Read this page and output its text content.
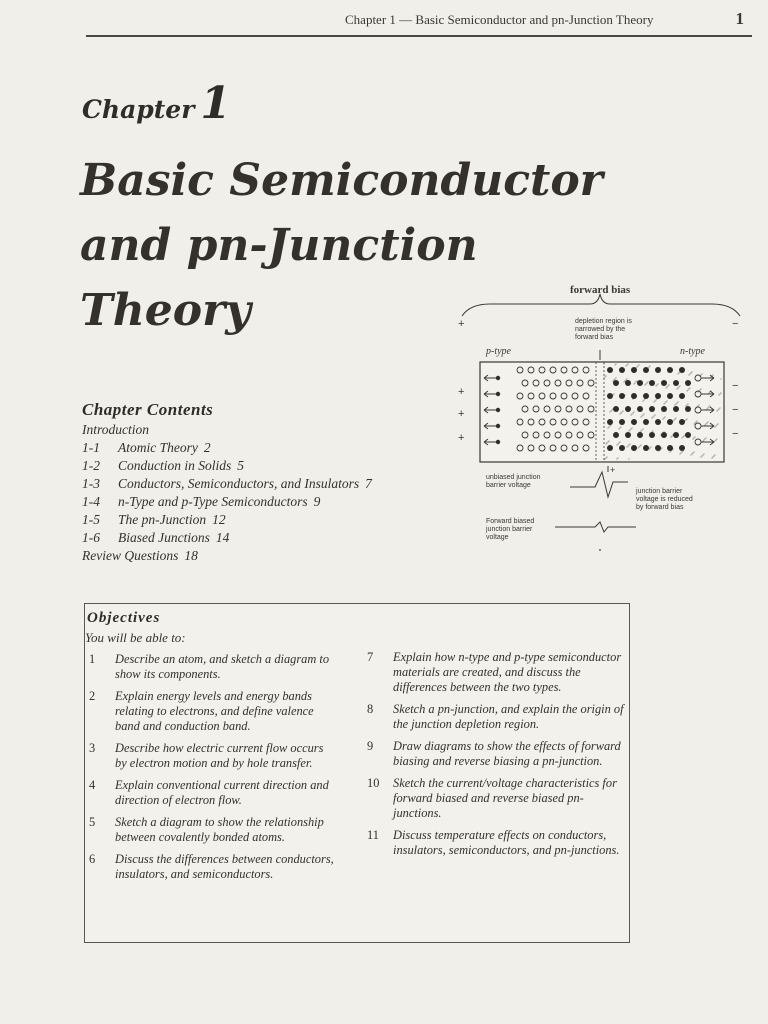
Chapter 1 — Basic Semiconductor and pn-Junction Theory	1
Chapter 1
Basic Semiconductor
and pn-Junction
Theory
Chapter Contents
Introduction
1-1 Atomic Theory 2
1-2 Conduction in Solids 5
1-3 Conductors, Semiconductors, and Insulators 7
1-4 n-Type and p-Type Semiconductors 9
1-5 The pn-Junction 12
1-6 Biased Junctions 14
Review Questions 18
forward bias
depletion region is
narrowed by the
forward bias
p-type	n-type
+	−
+
+
+
−
−
−
+
unbiased junction
barrier voltage
junction barrier
voltage is reduced
by forward bias
Forward biased
junction barrier
voltage
Objectives
You will be able to:
1	Describe an atom, and sketch a diagram to show its components.
2	Explain energy levels and energy bands relating to electrons, and define valence band and conduction band.
3	Describe how electric current flow occurs by electron motion and by hole transfer.
4	Explain conventional current direction and direction of electron flow.
5	Sketch a diagram to show the relationship between covalently bonded atoms.
6	Discuss the differences between conductors, insulators, and semiconductors.
7	Explain how n-type and p-type semiconductor materials are created, and discuss the differences between the two types.
8	Sketch a pn-junction, and explain the origin of the junction depletion region.
9	Draw diagrams to show the effects of forward biasing and reverse biasing a pn-junction.
10	Sketch the current/voltage characteristics for forward biased and reverse biased pn-junctions.
11	Discuss temperature effects on conductors, insulators, semiconductors, and pn-junctions.
